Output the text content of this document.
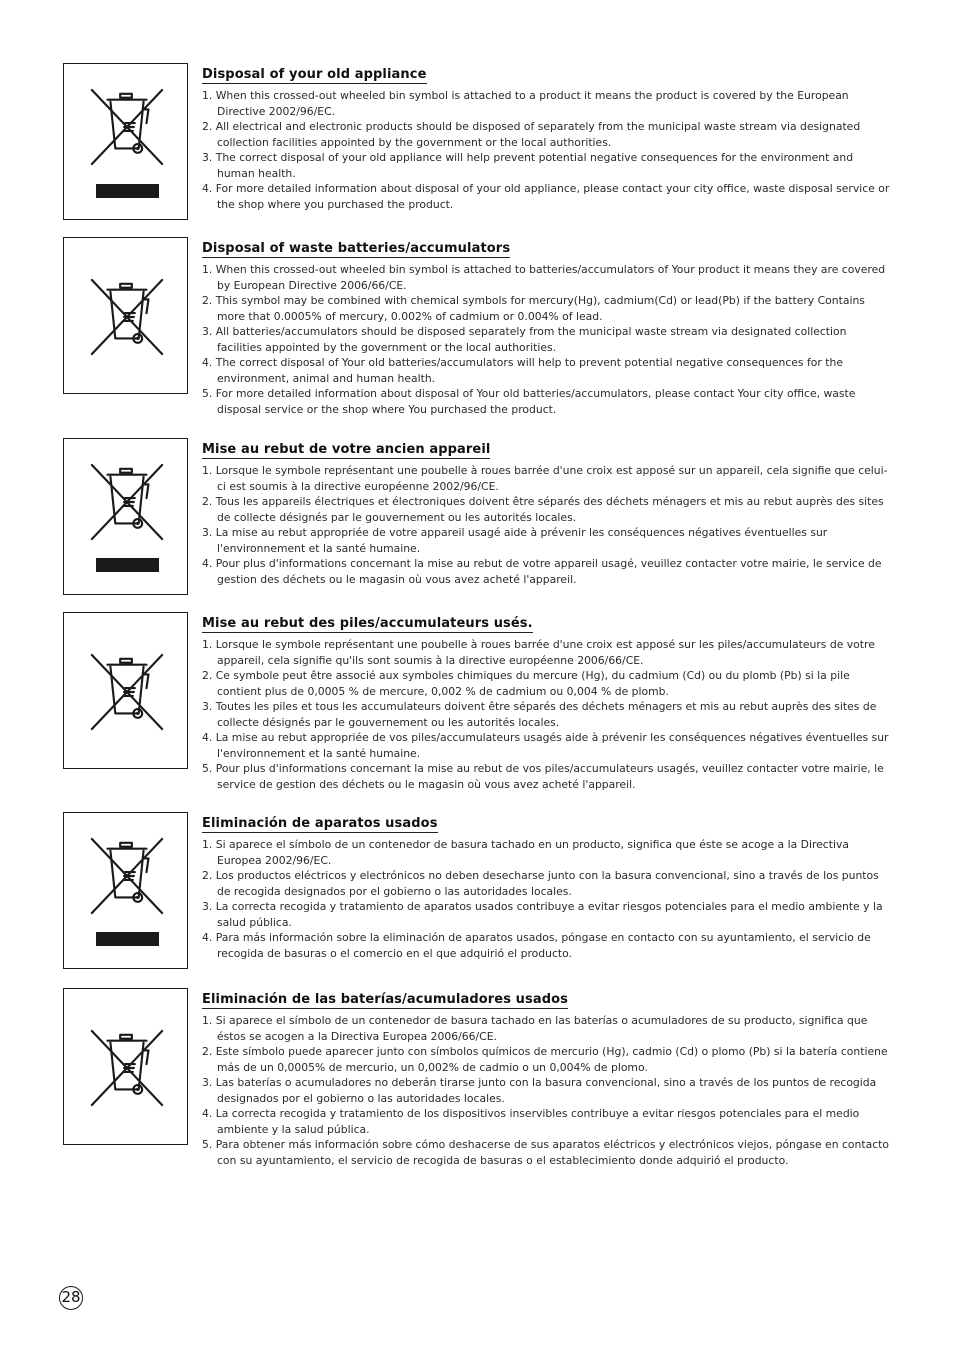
Disposal of your old appliance
1. When this crossed-out wheeled bin symbol is attached to a product it means the product is covered by the European Directive 2002/96/EC.
2. All electrical and electronic products should be disposed of separately from the municipal waste stream via designated collection facilities appointed by the government or the local authorities.
3. The correct disposal of your old appliance will help prevent potential negative consequences for the environment and human health.
4. For more detailed information about disposal of your old appliance, please contact your city office, waste disposal service or the shop where you purchased the product.
Disposal of waste batteries/accumulators
1. When this crossed-out wheeled bin symbol is attached to batteries/accumulators of Your product it means they are covered by European Directive 2006/66/CE.
2. This symbol may be combined with chemical symbols for mercury(Hg), cadmium(Cd) or lead(Pb) if the battery Contains more that 0.0005% of mercury, 0.002% of cadmium or 0.004% of lead.
3. All batteries/accumulators should be disposed separately from the municipal waste stream via designated collection facilities appointed by the government or the local authorities.
4. The correct disposal of Your old batteries/accumulators will help to prevent potential negative consequences for the environment, animal and human health.
5. For more detailed information about disposal of Your old batteries/accumulators, please contact Your city office, waste disposal service or the shop where You purchased the product.
Mise au rebut de votre ancien appareil
1. Lorsque le symbole représentant une poubelle à roues barrée d'une croix est apposé sur un appareil, cela signifie que celui-ci est soumis à la directive européenne 2002/96/CE.
2. Tous les appareils électriques et électroniques doivent être séparés des déchets ménagers et mis au rebut auprès des sites de collecte désignés par le gouvernement ou les autorités locales.
3. La mise au rebut appropriée de votre appareil usagé aide à prévenir les conséquences négatives éventuelles sur l'environnement et la santé humaine.
4. Pour plus d'informations concernant la mise au rebut de votre appareil usagé, veuillez contacter votre mairie, le service de gestion des déchets ou le magasin où vous avez acheté l'appareil.
Mise au rebut des piles/accumulateurs usés.
1. Lorsque le symbole représentant une poubelle à roues barrée d'une croix est apposé sur les piles/accumulateurs de votre appareil, cela signifie qu'ils sont soumis à la directive européenne 2006/66/CE.
2. Ce symbole peut être associé aux symboles chimiques du mercure (Hg), du cadmium (Cd) ou du plomb (Pb) si la pile contient plus de 0,0005 % de mercure, 0,002 % de cadmium ou 0,004 % de plomb.
3. Toutes les piles et tous les accumulateurs doivent être séparés des déchets ménagers et mis au rebut auprès des sites de collecte désignés par le gouvernement ou les autorités locales.
4. La mise au rebut appropriée de vos piles/accumulateurs usagés aide à prévenir les conséquences négatives éventuelles sur l'environnement et la santé humaine.
5. Pour plus d'informations concernant la mise au rebut de vos piles/accumulateurs usagés, veuillez contacter votre mairie, le service de gestion des déchets ou le magasin où vous avez acheté l'appareil.
Eliminación de aparatos usados
1. Si aparece el símbolo de un contenedor de basura tachado en un producto, significa que éste se acoge a la Directiva Europea 2002/96/EC.
2. Los productos eléctricos y electrónicos no deben desecharse junto con la basura convencional, sino a través de los puntos de recogida designados por el gobierno o las autoridades locales.
3. La correcta recogida y tratamiento de aparatos usados contribuye a evitar riesgos potenciales para el medio ambiente y la salud pública.
4. Para más información sobre la eliminación de aparatos usados, póngase en contacto con su ayuntamiento, el servicio de recogida de basuras o el comercio en el que adquirió el producto.
Eliminación de las baterías/acumuladores usados
1. Si aparece el símbolo de un contenedor de basura tachado en las baterías o acumuladores de su producto, significa que éstos se acogen a la Directiva Europea 2006/66/CE.
2. Este símbolo puede aparecer junto con símbolos químicos de mercurio (Hg), cadmio (Cd) o plomo (Pb) si la batería contiene más de un 0,0005% de mercurio, un 0,002% de cadmio o un 0,004% de plomo.
3. Las baterías o acumuladores no deberán tirarse junto con la basura convencional, sino a través de los puntos de recogida designados por el gobierno o las autoridades locales.
4. La correcta recogida y tratamiento de los dispositivos inservibles contribuye a evitar riesgos potenciales para el medio ambiente y la salud pública.
5. Para obtener más información sobre cómo deshacerse de sus aparatos eléctricos y electrónicos viejos, póngase en contacto con su ayuntamiento, el servicio de recogida de basuras o el establecimiento donde adquirió el producto.
28
